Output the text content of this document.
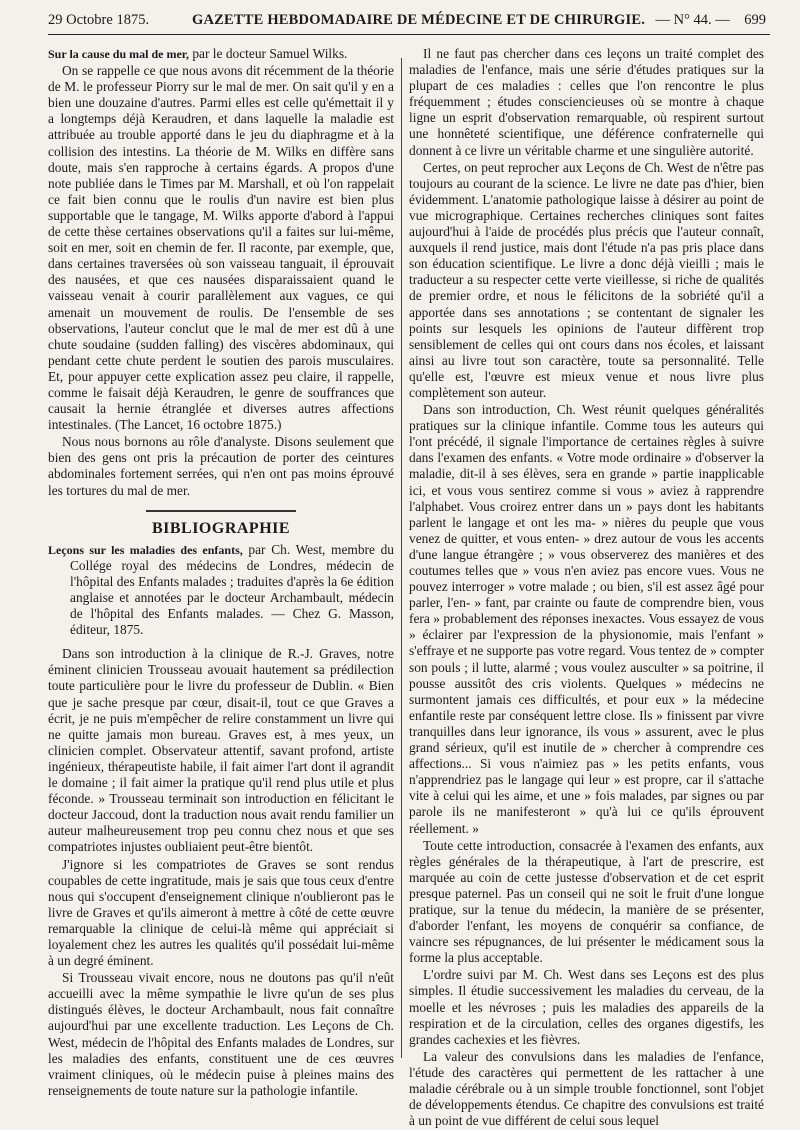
29 Octobre 1875.	GAZETTE HEBDOMADAIRE DE MÉDECINE ET DE CHIRURGIE. — N° 44. — 699

Sur la cause du mal de mer, par le docteur Samuel Wilks.

On se rappelle ce que nous avons dit récemment de la théorie de M. le professeur Piorry sur le mal de mer. On sait qu'il y en a bien une douzaine d'autres. Parmi elles est celle qu'émettait il y a longtemps déjà Keraudren, et dans laquelle la maladie est attribuée au trouble apporté dans le jeu du diaphragme et à la collision des intestins. La théorie de M. Wilks en diffère sans doute, mais s'en rapproche à certains égards. A propos d'une note publiée dans le Times par M. Marshall, et où l'on rappelait ce fait bien connu que le roulis d'un navire est bien plus supportable que le tangage, M. Wilks apporte d'abord à l'appui de cette thèse certaines observations qu'il a faites sur lui-même, soit en mer, soit en chemin de fer. Il raconte, par exemple, que, dans certaines traversées où son vaisseau tanguait, il éprouvait des nausées, et que ces nausées disparaissaient quand le vaisseau venait à courir parallèlement aux vagues, ce qui amenait un mouvement de roulis. De l'ensemble de ses observations, l'auteur conclut que le mal de mer est dû à une chute soudaine (sudden falling) des viscères abdominaux, qui pendant cette chute perdent le soutien des parois musculaires. Et, pour appuyer cette explication assez peu claire, il rappelle, comme le faisait déjà Keraudren, le genre de souffrances que causait la hernie étranglée et diverses autres affections intestinales. (The Lancet, 16 octobre 1875.)

Nous nous bornons au rôle d'analyste. Disons seulement que bien des gens ont pris la précaution de porter des ceintures abdominales fortement serrées, qui n'en ont pas moins éprouvé les tortures du mal de mer.

BIBLIOGRAPHIE

Leçons sur les maladies des enfants, par Ch. West, membre du Collége royal des médecins de Londres, médecin de l'hôpital des Enfants malades ; traduites d'après la 6e édition anglaise et annotées par le docteur Archambault, médecin de l'hôpital des Enfants malades. — Chez G. Masson, éditeur, 1875.

Dans son introduction à la clinique de R.-J. Graves, notre éminent clinicien Trousseau avouait hautement sa prédilection toute particulière pour le livre du professeur de Dublin. « Bien que je sache presque par cœur, disait-il, tout ce que Graves a écrit, je ne puis m'empêcher de relire constamment un livre qui ne quitte jamais mon bureau. Graves est, à mes yeux, un clinicien complet. Observateur attentif, savant profond, artiste ingénieux, thérapeutiste habile, il fait aimer l'art dont il agrandit le domaine ; il fait aimer la pratique qu'il rend plus utile et plus féconde. » Trousseau terminait son introduction en félicitant le docteur Jaccoud, dont la traduction nous avait rendu familier un auteur malheureusement trop peu connu chez nous et que ses compatriotes injustes oubliaient peut-être bientôt.

J'ignore si les compatriotes de Graves se sont rendus coupables de cette ingratitude, mais je sais que tous ceux d'entre nous qui s'occupent d'enseignement clinique n'oublieront pas le livre de Graves et qu'ils aimeront à mettre à côté de cette œuvre remarquable la clinique de celui-là même qui appréciait si loyalement chez les autres les qualités qu'il possédait lui-même à un degré éminent.

Si Trousseau vivait encore, nous ne doutons pas qu'il n'eût accueilli avec la même sympathie le livre qu'un de ses plus distingués élèves, le docteur Archambault, nous fait connaître aujourd'hui par une excellente traduction. Les Leçons de Ch. West, médecin de l'hôpital des Enfants malades de Londres, sur les maladies des enfants, constituent une de ces œuvres vraiment cliniques, où le médecin puise à pleines mains des renseignements de toute nature sur la pathologie infantile.

Il ne faut pas chercher dans ces leçons un traité complet des maladies de l'enfance, mais une série d'études pratiques sur la plupart de ces maladies : celles que l'on rencontre le plus fréquemment ; études consciencieuses où se montre à chaque ligne un esprit d'observation remarquable, où respirent surtout une honnêteté scientifique, une déférence confraternelle qui donnent à ce livre un véritable charme et une singulière autorité.

Certes, on peut reprocher aux Leçons de Ch. West de n'être pas toujours au courant de la science. Le livre ne date pas d'hier, bien évidemment. L'anatomie pathologique laisse à désirer au point de vue micrographique. Certaines recherches cliniques sont faites aujourd'hui à l'aide de procédés plus précis que l'auteur connaît, auxquels il rend justice, mais dont l'étude n'a pas pris place dans son éducation scientifique. Le livre a donc déjà vieilli ; mais le traducteur a su respecter cette verte vieillesse, si riche de qualités de premier ordre, et nous le félicitons de la sobriété qu'il a apportée dans ses annotations ; se contentant de signaler les points sur lesquels les opinions de l'auteur diffèrent trop sensiblement de celles qui ont cours dans nos écoles, et laissant ainsi au livre tout son caractère, toute sa personnalité. Telle qu'elle est, l'œuvre est mieux venue et nous livre plus complètement son auteur.

Dans son introduction, Ch. West réunit quelques généralités pratiques sur la clinique infantile. Comme tous les auteurs qui l'ont précédé, il signale l'importance de certaines règles à suivre dans l'examen des enfants. « Votre mode ordinaire » d'observer la maladie, dit-il à ses élèves, sera en grande » partie inapplicable ici, et vous vous sentirez comme si vous » aviez à rapprendre l'alphabet. Vous croirez entrer dans un » pays dont les habitants parlent le langage et ont les ma- » nières du peuple que vous venez de quitter, et vous enten- » drez autour de vous les accents d'une langue étrangère ; » vous observerez des manières et des coutumes telles que » vous n'en aviez pas encore vues. Vous ne pouvez interroger » votre malade ; ou bien, s'il est assez âgé pour parler, l'en- » fant, par crainte ou faute de comprendre bien, vous fera » probablement des réponses inexactes. Vous essayez de vous » éclairer par l'expression de la physionomie, mais l'enfant » s'effraye et ne supporte pas votre regard. Vous tentez de » compter son pouls ; il lutte, alarmé ; vous voulez ausculter » sa poitrine, il pousse aussitôt des cris violents. Quelques » médecins ne surmontent jamais ces difficultés, et pour eux » la médecine enfantile reste par conséquent lettre close. Ils » finissent par vivre tranquilles dans leur ignorance, ils vous » assurent, avec le plus grand sérieux, qu'il est inutile de » chercher à comprendre ces affections... Si vous n'aimiez pas » les petits enfants, vous n'apprendriez pas le langage qui leur » est propre, car il s'attache vite à celui qui les aime, et une » fois malades, par signes ou par parole ils ne manifesteront » qu'à lui ce qu'ils éprouvent réellement. »

Toute cette introduction, consacrée à l'examen des enfants, aux règles générales de la thérapeutique, à l'art de prescrire, est marquée au coin de cette justesse d'observation et de cet esprit presque paternel. Pas un conseil qui ne soit le fruit d'une longue pratique, sur la tenue du médecin, la manière de se présenter, d'aborder l'enfant, les moyens de conquérir sa confiance, de vaincre ses répugnances, de lui présenter le médicament sous la forme la plus acceptable.

L'ordre suivi par M. Ch. West dans ses Leçons est des plus simples. Il étudie successivement les maladies du cerveau, de la moelle et les névroses ; puis les maladies des appareils de la respiration et de la circulation, celles des organes digestifs, les grandes cachexies et les fièvres.

La valeur des convulsions dans les maladies de l'enfance, l'étude des caractères qui permettent de les rattacher à une maladie cérébrale ou à un simple trouble fonctionnel, sont l'objet de développements étendus. Ce chapitre des convulsions est traité à un point de vue différent de celui sous lequel
